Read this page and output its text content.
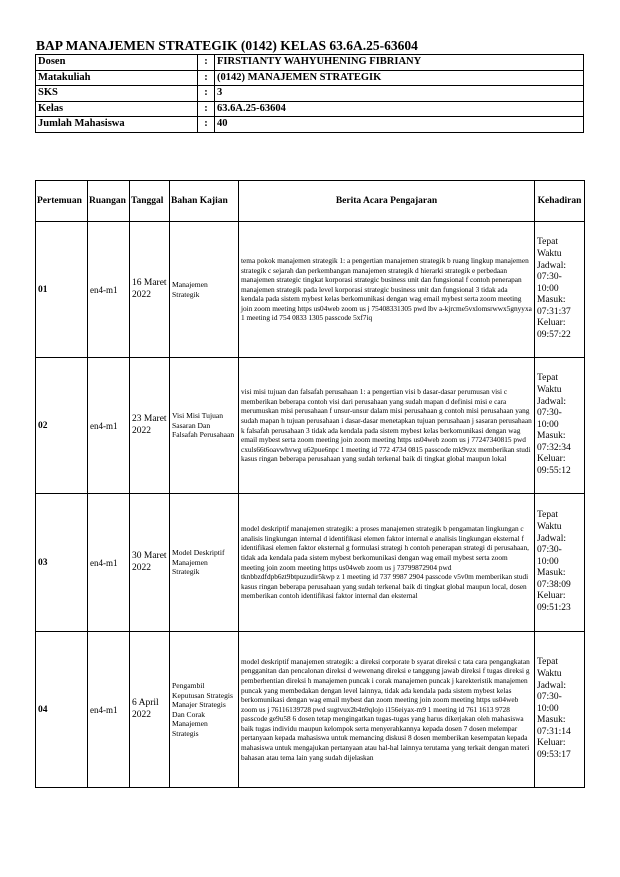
BAP MANAJEMEN STRATEGIK (0142) KELAS 63.6A.25-63604
Dosen	:	FIRSTIANTY WAHYUHENING FIBRIANY
Matakuliah	:	(0142) MANAJEMEN STRATEGIK
SKS	:	3
Kelas	:	63.6A.25-63604
Jumlah Mahasiswa	:	40
Pertemuan	Ruangan	Tanggal	Bahan Kajian	Berita Acara Pengajaran	Kehadiran
01	en4-m1	16 Maret 2022	Manajemen Strategik	tema pokok manajemen strategik 1: a pengertian manajemen strategik b ruang lingkup manajemen strategik c sejarah dan perkembangan manajemen strategik d hierarki strategik e perbedaan manajemen strategic tingkat korporasi strategic business unit dan fungsional f contoh penerapan manajemen strategik pada level korporasi strategic business unit dan fungsional 3 tidak ada kendala pada sistem mybest kelas berkomunikasi dengan wag email mybest serta zoom meeting join zoom meeting https us04web zoom us j 75408331305 pwd lbv a-kjrcme5vxlomsrwwx5gnyyxa 1 meeting id 754 0833 1305 passcode 5xf7iq	Tepat Waktu Jadwal: 07:30-10:00 Masuk: 07:31:37 Keluar: 09:57:22
02	en4-m1	23 Maret 2022	Visi Misi Tujuan Sasaran Dan Falsafah Perusahaan	visi misi tujuan dan falsafah perusahaan 1: a pengertian visi b dasar-dasar perumusan visi c memberikan beberapa contoh visi dari perusahaan yang sudah mapan d definisi misi e cara merumuskan misi perusahaan f unsur-unsur dalam misi perusahaan g contoh misi perusahaan yang sudah mapan h tujuan perusahaan i dasar-dasar menetapkan tujuan perusahaan j sasaran perusahaan k falsafah perusahaan 3 tidak ada kendala pada sistem mybest kelas berkomunikasi dengan wag email mybest serta zoom meeting join zoom meeting https us04web zoom us j 77247340815 pwd cxuls66t6oavwhvwg u62pue6npc 1 meeting id 772 4734 0815 passcode mk9vzx memberikan studi kasus ringan beberapa perusahaan yang sudah terkenal baik di tingkat global maupun lokal	Tepat Waktu Jadwal: 07:30-10:00 Masuk: 07:32:34 Keluar: 09:55:12
03	en4-m1	30 Maret 2022	Model Deskriptif Manajemen Strategik	model deskriptif manajemen strategik: a proses manajemen strategik b pengamatan lingkungan c analisis lingkungan internal d identifikasi elemen faktor internal e analisis lingkungan eksternal f identifikasi elemen faktor eksternal g formulasi strategi h contoh penerapan strategi di perusahaan, tidak ada kendala pada sistem mybest berkomunikasi dengan wag email mybest serta zoom meeting join zoom meeting https us04web zoom us j 73799872904 pwd tknbbzdfdpb6zt9btpuzudir5kwp z 1 meeting id 737 9987 2904 passcode v5v0m memberikan studi kasus ringan beberapa perusahaan yang sudah terkenal baik di tingkat global maupun local, dosen memberikan contoh identifikasi faktor internal dan eksternal	Tepat Waktu Jadwal: 07:30-10:00 Masuk: 07:38:09 Keluar: 09:51:23
04	en4-m1	6 April 2022	Pengambil Keputusan Strategis Manajer Strategis Dan Corak Manajemen Strategis	model deskriptif manajemen strategik: a direksi corporate b syarat direksi c tata cara pengangkatan pengganitan dan pencalonan direksi d wewenang direksi e tanggung jawab direksi f tugas direksi g pemberhentian direksi h manajemen puncak i corak manajemen puncak j karekteristik manajemen puncak yang membedakan dengan level lainnya, tidak ada kendala pada sistem mybest kelas berkomunikasi dengan wag email mybest dan zoom meeting join zoom meeting https us04web zoom us j 76116139728 pwd sugtvux2b4n9qlojo i156eiyax-m9 1 meeting id 761 1613 9728 passcode ge9u58 6 dosen tetap mengingatkan tugas-tugas yang harus dikerjakan oleh mahasiswa baik tugas individu maupun kelompok serta menyerahkannya kepada dosen 7 dosen melempar pertanyaan kepada mahasiswa untuk memancing diskusi 8 dosen memberikan kesempatan kepada mahasiswa untuk mengajukan pertanyaan atau hal-hal lainnya terutama yang terkait dengan materi bahasan atau tema lain yang sudah dijelaskan	Tepat Waktu Jadwal: 07:30-10:00 Masuk: 07:31:14 Keluar: 09:53:17
